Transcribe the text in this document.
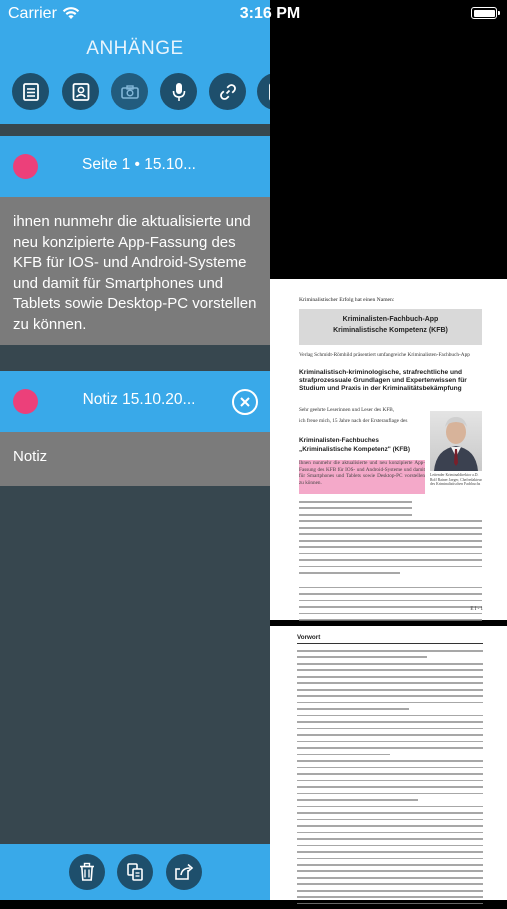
Carrier
ANHÄNGE
Seite 1 • 15.10...
ihnen nunmehr die aktualisierte und neu konzipierte App-Fassung des KFB für IOS- und Android-Systeme und damit für Smartphones und Tablets sowie Desktop-PC vorstellen zu können.
Notiz 15.10.20...
Notiz
3:16 PM
Kriminalistischer Erfolg hat einen Namen:
Kriminalisten-Fachbuch-App
Kriminalistische Kompetenz (KFB)
Verlag Schmidt-Römhild präsentiert umfangreiche Kriminalisten-Fachbuch-App
Kriminalistisch-kriminologische, strafrechtliche und strafprozessuale Grundlagen und Expertenwissen für Studium und Praxis in der Kriminalitätsbekämpfung
Sehr geehrte Leserinnen und Leser des KFB,
ich freue mich, 15 Jahre nach der Ersterauflage des
Kriminalisten-Fachbuches
„Kriminalistische Kompetenz" (KFB)
Ihnen nunmehr die aktualisierte und neu konzipierte App-Fassung des KFB für IOS- und Android-Systeme und damit für Smartphones und Tablets sowie Desktop-PC vorstellen zu können.
Leitender Kriminaldirektor a.D. Rolf Rainer Jaeger, Chefredakteur des Kriminalistischen Fachbuchs
E I - 1
Vorwort
